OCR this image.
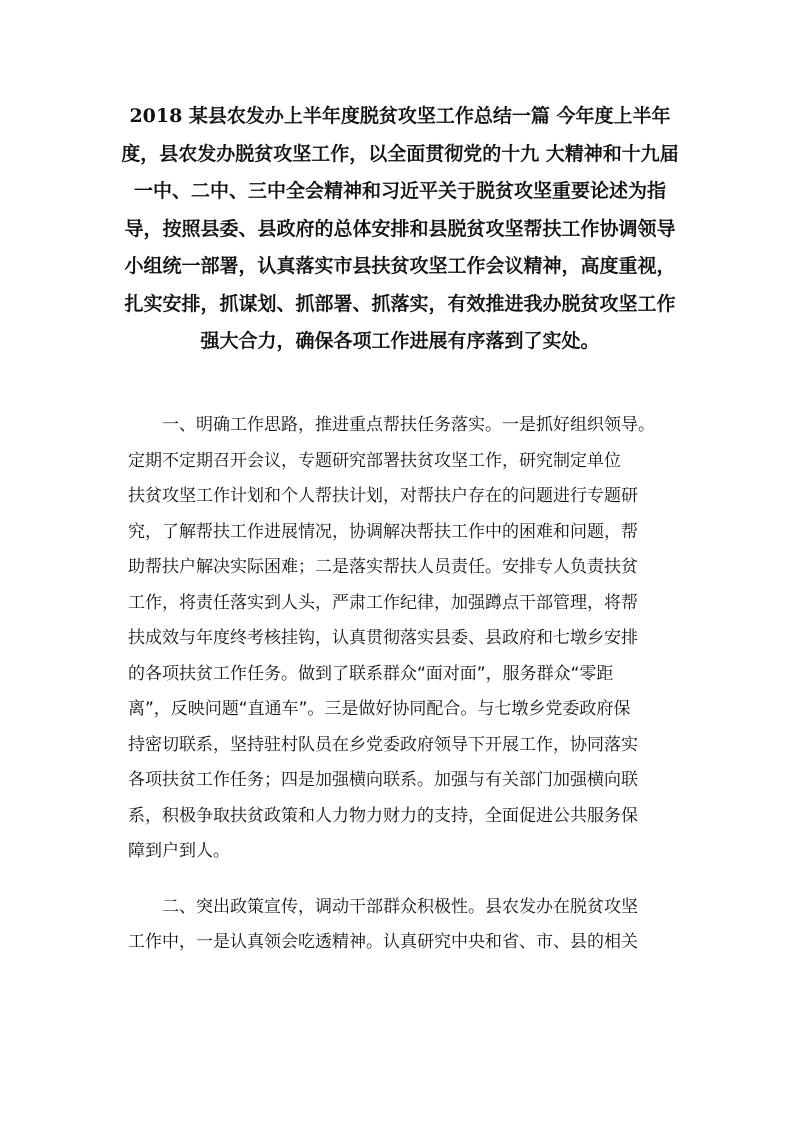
2018 某县农发办上半年度脱贫攻坚工作总结一篇 今年度上半年
度，县农发办脱贫攻坚工作，以全面贯彻党的十九 大精神和十九届
一中、二中、三中全会精神和习近平关于脱贫攻坚重要论述为指
导，按照县委、县政府的总体安排和县脱贫攻坚帮扶工作协调领导
小组统一部署，认真落实市县扶贫攻坚工作会议精神，高度重视，
扎实安排，抓谋划、抓部署、抓落实，有效推进我办脱贫攻坚工作
强大合力，确保各项工作进展有序落到了实处。
一、明确工作思路，推进重点帮扶任务落实。一是抓好组织领导。
定期不定期召开会议，专题研究部署扶贫攻坚工作，研究制定单位
扶贫攻坚工作计划和个人帮扶计划，对帮扶户存在的问题进行专题研
究，了解帮扶工作进展情况，协调解决帮扶工作中的困难和问题，帮
助帮扶户解决实际困难；二是落实帮扶人员责任。安排专人负责扶贫
工作，将责任落实到人头，严肃工作纪律，加强蹲点干部管理，将帮
扶成效与年度终考核挂钩，认真贯彻落实县委、县政府和七墩乡安排
的各项扶贫工作任务。做到了联系群众“面对面”，服务群众“零距
离”，反映问题“直通车”。三是做好协同配合。与七墩乡党委政府保
持密切联系，坚持驻村队员在乡党委政府领导下开展工作，协同落实
各项扶贫工作任务；四是加强横向联系。加强与有关部门加强横向联
系，积极争取扶贫政策和人力物力财力的支持，全面促进公共服务保
障到户到人。
二、突出政策宣传，调动干部群众积极性。县农发办在脱贫攻坚
工作中，一是认真领会吃透精神。认真研究中央和省、市、县的相关
